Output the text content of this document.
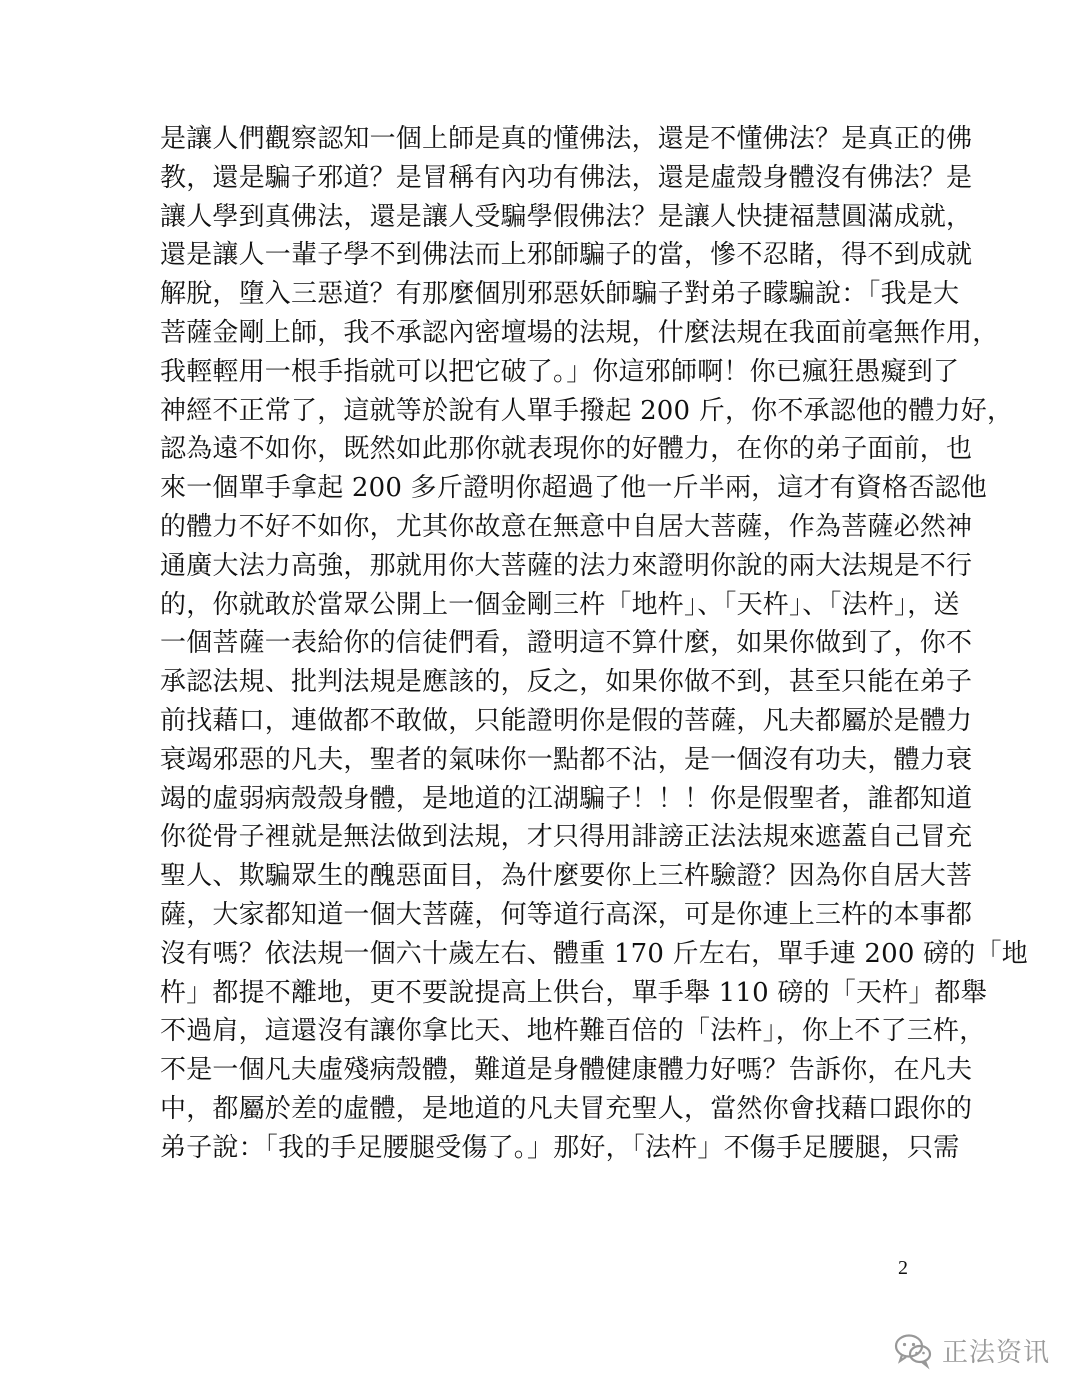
是讓人們觀察認知一個上師是真的懂佛法，還是不懂佛法？是真正的佛
教，還是騙子邪道？是冒稱有內功有佛法，還是虛殼身體沒有佛法？是
讓人學到真佛法，還是讓人受騙學假佛法？是讓人快捷福慧圓滿成就，
還是讓人一輩子學不到佛法而上邪師騙子的當，慘不忍睹，得不到成就
解脫，墮入三惡道？有那麼個別邪惡妖師騙子對弟子矇騙說：「我是大
菩薩金剛上師，我不承認內密壇場的法規，什麼法規在我面前毫無作用，
我輕輕用一根手指就可以把它破了。」你這邪師啊！你已瘋狂愚癡到了
神經不正常了，這就等於說有人單手撥起 200 斤，你不承認他的體力好，
認為遠不如你，既然如此那你就表現你的好體力，在你的弟子面前，也
來一個單手拿起 200 多斤證明你超過了他一斤半兩，這才有資格否認他
的體力不好不如你，尤其你故意在無意中自居大菩薩，作為菩薩必然神
通廣大法力高強，那就用你大菩薩的法力來證明你說的兩大法規是不行
的，你就敢於當眾公開上一個金剛三杵「地杵」、「天杵」、「法杵」，送
一個菩薩一表給你的信徒們看，證明這不算什麼，如果你做到了，你不
承認法規、批判法規是應該的，反之，如果你做不到，甚至只能在弟子
前找藉口，連做都不敢做，只能證明你是假的菩薩，凡夫都屬於是體力
衰竭邪惡的凡夫，聖者的氣味你一點都不沾，是一個沒有功夫，體力衰
竭的虛弱病殼殼身體，是地道的江湖騙子！！！你是假聖者，誰都知道
你從骨子裡就是無法做到法規，才只得用誹謗正法法規來遮蓋自己冒充
聖人、欺騙眾生的醜惡面目，為什麼要你上三杵驗證？因為你自居大菩
薩，大家都知道一個大菩薩，何等道行高深，可是你連上三杵的本事都
沒有嗎？依法規一個六十歲左右、體重 170 斤左右，單手連 200 磅的「地
杵」都提不離地，更不要說提高上供台，單手舉 110 磅的「天杵」都舉
不過肩，這還沒有讓你拿比天、地杵難百倍的「法杵」，你上不了三杵，
不是一個凡夫虛殘病殼體，難道是身體健康體力好嗎？告訴你，在凡夫
中，都屬於差的虛體，是地道的凡夫冒充聖人，當然你會找藉口跟你的
弟子說：「我的手足腰腿受傷了。」那好，「法杵」不傷手足腰腿，只需
2
正法资讯
